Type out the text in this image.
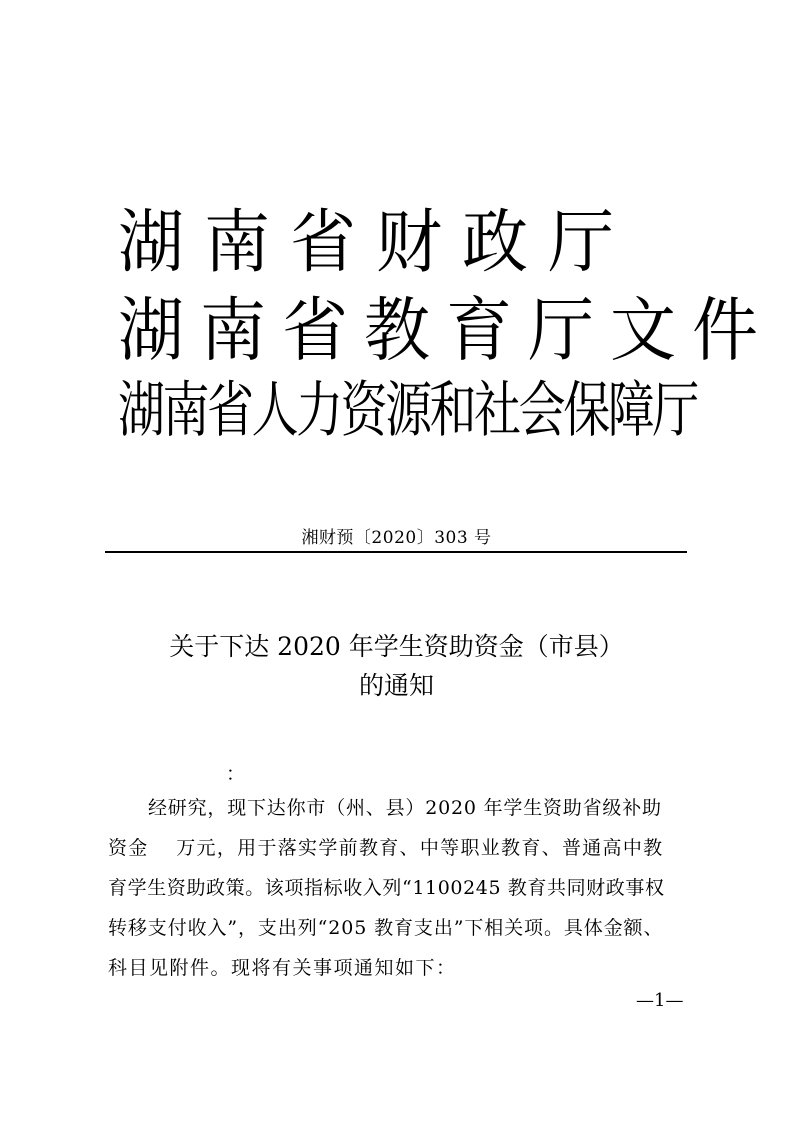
湖南省财政厅
湖南省教育厅文件
湖南省人力资源和社会保障厅
湘财预〔2020〕303 号
关于下达 2020 年学生资助资金（市县）
的通知
：
经研究，现下达你市（州、县）2020 年学生资助省级补助
资金　 万元，用于落实学前教育、中等职业教育、普通高中教
育学生资助政策。该项指标收入列“1100245 教育共同财政事权
转移支付收入”，支出列“205 教育支出”下相关项。具体金额、
科目见附件。现将有关事项通知如下：
—1—
